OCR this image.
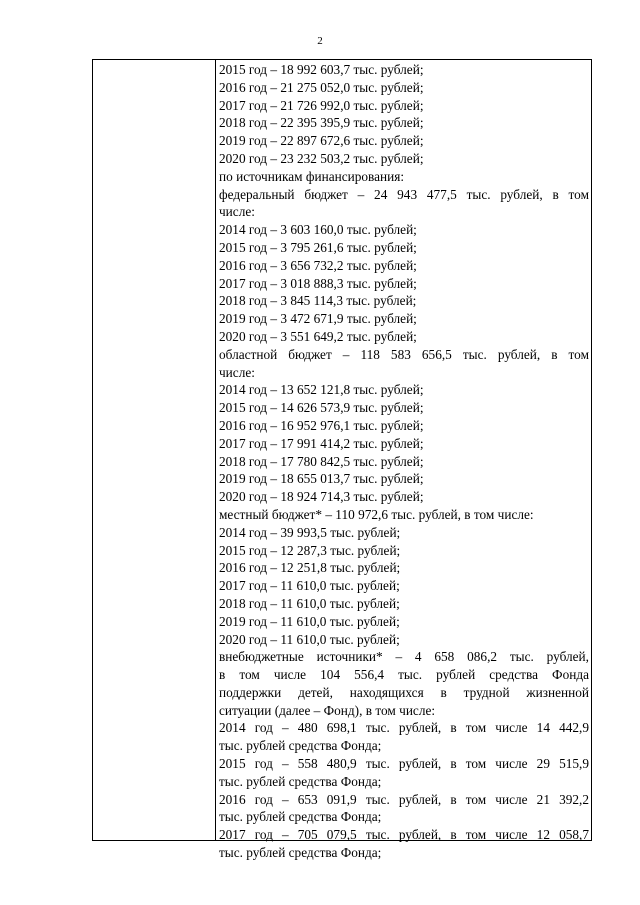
2
2015 год – 18 992 603,7 тыс. рублей;
2016 год – 21 275 052,0 тыс. рублей;
2017 год – 21 726 992,0 тыс. рублей;
2018 год – 22 395 395,9 тыс. рублей;
2019 год – 22 897 672,6 тыс. рублей;
2020 год – 23 232 503,2 тыс. рублей;
по источникам финансирования:
федеральный бюджет – 24 943 477,5 тыс. рублей, в том
числе:
2014 год – 3 603 160,0 тыс. рублей;
2015 год – 3 795 261,6 тыс. рублей;
2016 год – 3 656 732,2 тыс. рублей;
2017 год – 3 018 888,3 тыс. рублей;
2018 год – 3 845 114,3 тыс. рублей;
2019 год – 3 472 671,9 тыс. рублей;
2020 год – 3 551 649,2 тыс. рублей;
областной бюджет – 118 583 656,5 тыс. рублей, в том
числе:
2014 год – 13 652 121,8 тыс. рублей;
2015 год – 14 626 573,9 тыс. рублей;
2016 год – 16 952 976,1 тыс. рублей;
2017 год – 17 991 414,2 тыс. рублей;
2018 год – 17 780 842,5 тыс. рублей;
2019 год – 18 655 013,7 тыс. рублей;
2020 год – 18 924 714,3 тыс. рублей;
местный бюджет* – 110 972,6 тыс. рублей, в том числе:
2014 год – 39 993,5 тыс. рублей;
2015 год – 12 287,3 тыс. рублей;
2016 год – 12 251,8 тыс. рублей;
2017 год – 11 610,0 тыс. рублей;
2018 год – 11 610,0 тыс. рублей;
2019 год – 11 610,0 тыс. рублей;
2020 год – 11 610,0 тыс. рублей;
внебюджетные источники* – 4 658 086,2 тыс. рублей,
в том числе 104 556,4 тыс. рублей средства Фонда
поддержки детей, находящихся в трудной жизненной
ситуации (далее – Фонд), в том числе:
2014 год – 480 698,1 тыс. рублей, в том числе 14 442,9
тыс. рублей средства Фонда;
2015 год – 558 480,9 тыс. рублей, в том числе 29 515,9
тыс. рублей средства Фонда;
2016 год – 653 091,9 тыс. рублей, в том числе 21 392,2
тыс. рублей средства Фонда;
2017 год – 705 079,5 тыс. рублей, в том числе 12 058,7
тыс. рублей средства Фонда;
